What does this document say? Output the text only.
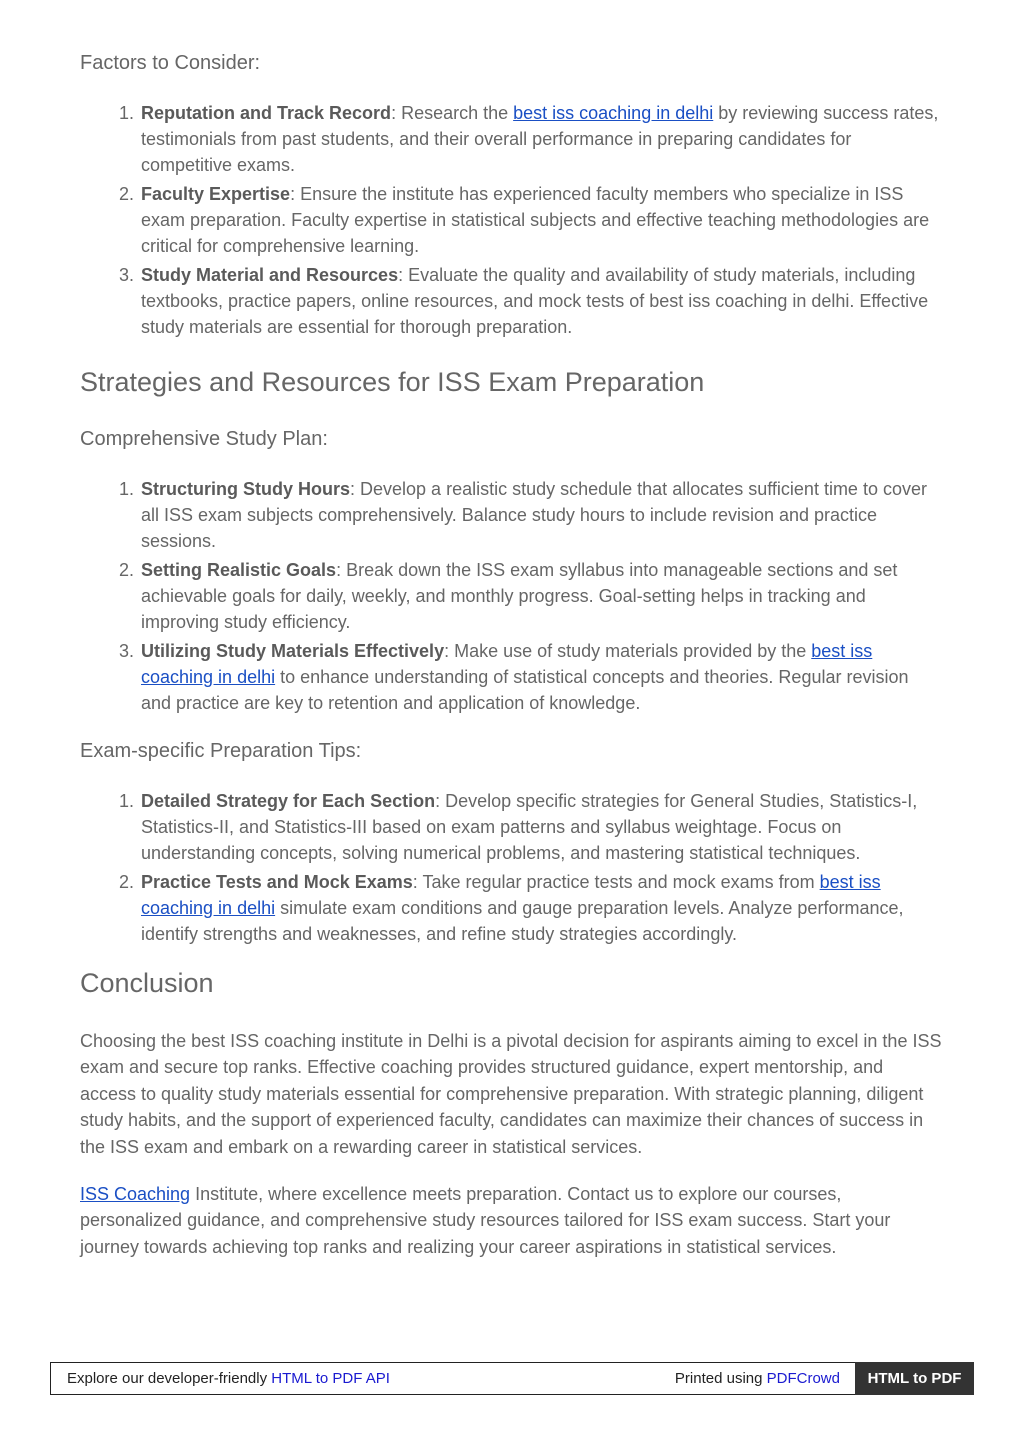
Factors to Consider:
1. Reputation and Track Record: Research the best iss coaching in delhi by reviewing success rates, testimonials from past students, and their overall performance in preparing candidates for competitive exams.
2. Faculty Expertise: Ensure the institute has experienced faculty members who specialize in ISS exam preparation. Faculty expertise in statistical subjects and effective teaching methodologies are critical for comprehensive learning.
3. Study Material and Resources: Evaluate the quality and availability of study materials, including textbooks, practice papers, online resources, and mock tests of best iss coaching in delhi. Effective study materials are essential for thorough preparation.
Strategies and Resources for ISS Exam Preparation
Comprehensive Study Plan:
1. Structuring Study Hours: Develop a realistic study schedule that allocates sufficient time to cover all ISS exam subjects comprehensively. Balance study hours to include revision and practice sessions.
2. Setting Realistic Goals: Break down the ISS exam syllabus into manageable sections and set achievable goals for daily, weekly, and monthly progress. Goal-setting helps in tracking and improving study efficiency.
3. Utilizing Study Materials Effectively: Make use of study materials provided by the best iss coaching in delhi to enhance understanding of statistical concepts and theories. Regular revision and practice are key to retention and application of knowledge.
Exam-specific Preparation Tips:
1. Detailed Strategy for Each Section: Develop specific strategies for General Studies, Statistics-I, Statistics-II, and Statistics-III based on exam patterns and syllabus weightage. Focus on understanding concepts, solving numerical problems, and mastering statistical techniques.
2. Practice Tests and Mock Exams: Take regular practice tests and mock exams from best iss coaching in delhi simulate exam conditions and gauge preparation levels. Analyze performance, identify strengths and weaknesses, and refine study strategies accordingly.
Conclusion

Choosing the best ISS coaching institute in Delhi is a pivotal decision for aspirants aiming to excel in the ISS exam and secure top ranks. Effective coaching provides structured guidance, expert mentorship, and access to quality study materials essential for comprehensive preparation. With strategic planning, diligent study habits, and the support of experienced faculty, candidates can maximize their chances of success in the ISS exam and embark on a rewarding career in statistical services.

ISS Coaching Institute, where excellence meets preparation. Contact us to explore our courses, personalized guidance, and comprehensive study resources tailored for ISS exam success. Start your journey towards achieving top ranks and realizing your career aspirations in statistical services.

Explore our developer-friendly HTML to PDF API	Printed using PDFCrowd	HTML to PDF
